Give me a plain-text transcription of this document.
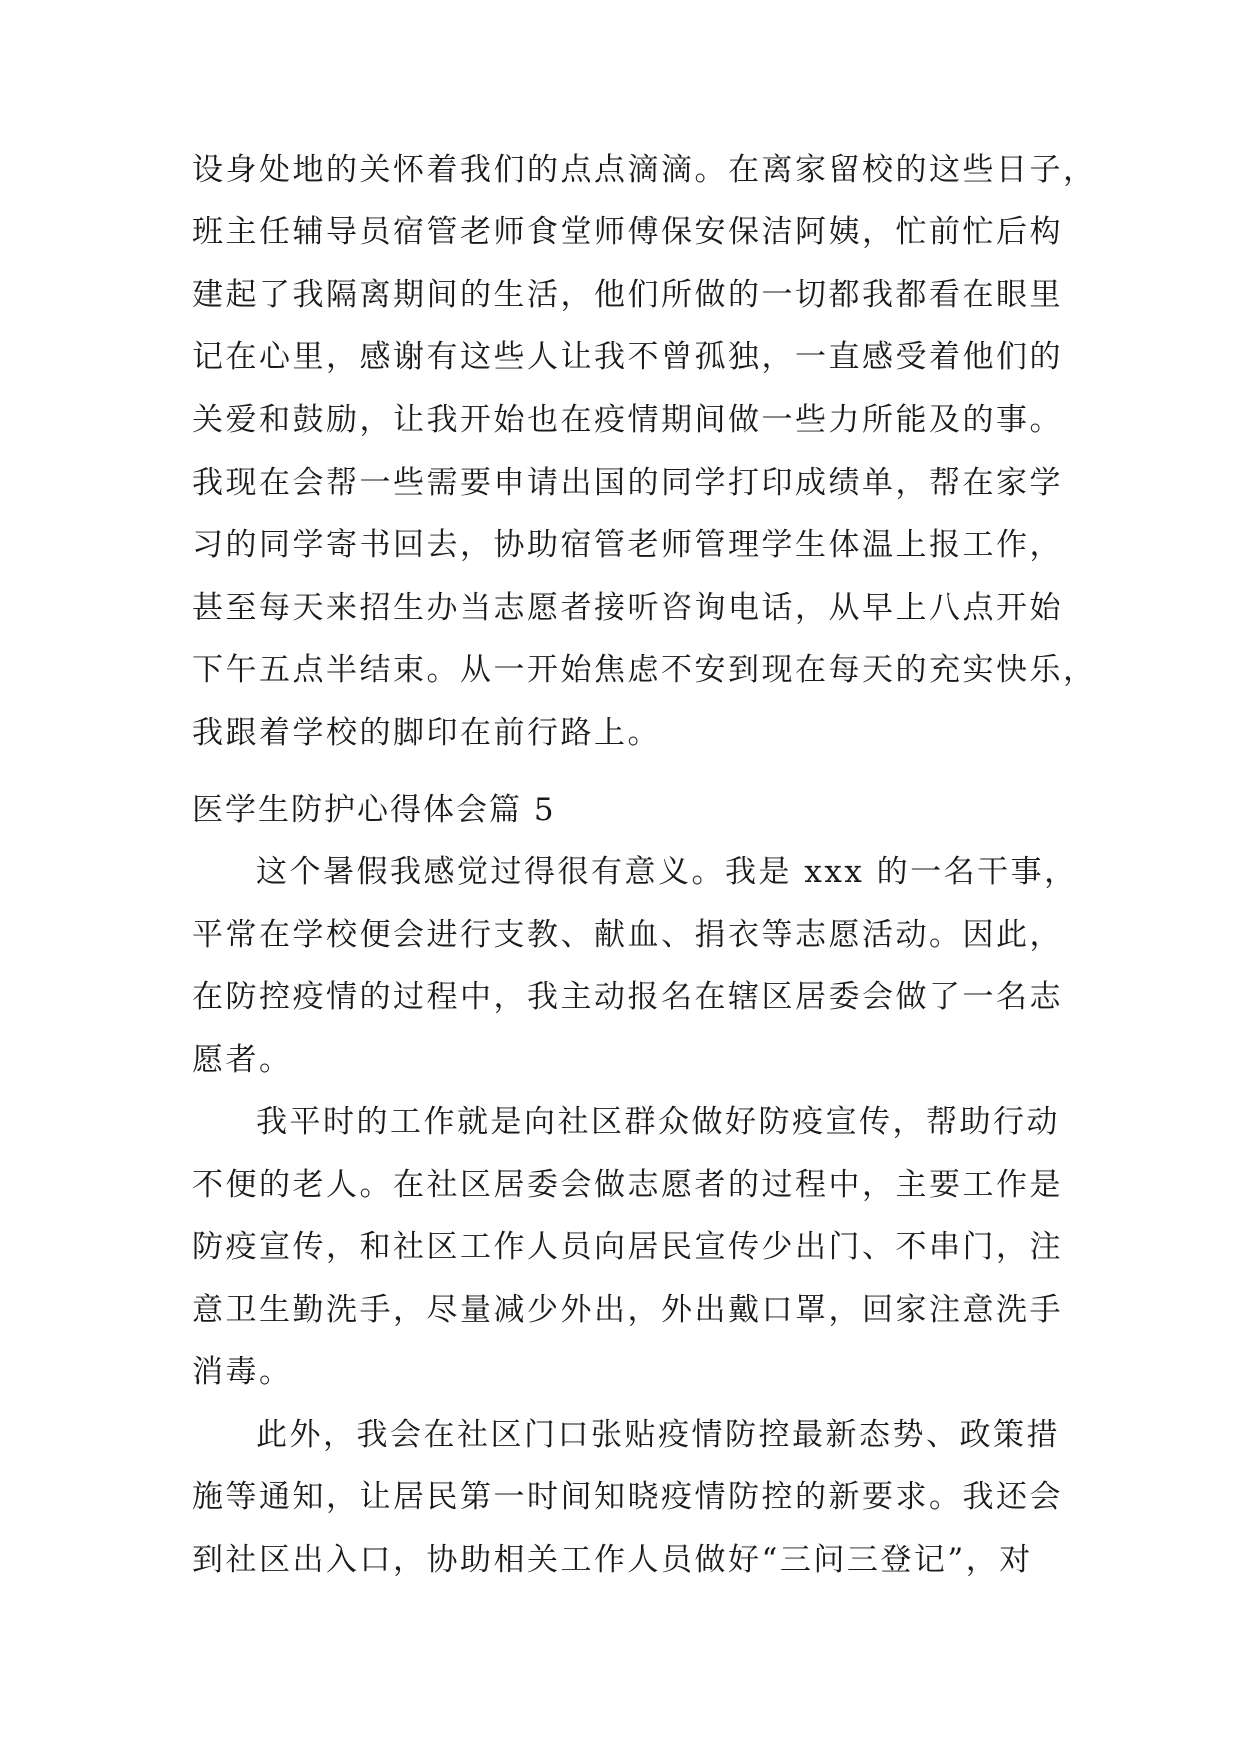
设身处地的关怀着我们的点点滴滴。在离家留校的这些日子，
班主任辅导员宿管老师食堂师傅保安保洁阿姨，忙前忙后构
建起了我隔离期间的生活，他们所做的一切都我都看在眼里
记在心里，感谢有这些人让我不曾孤独，一直感受着他们的
关爱和鼓励，让我开始也在疫情期间做一些力所能及的事。
我现在会帮一些需要申请出国的同学打印成绩单，帮在家学
习的同学寄书回去，协助宿管老师管理学生体温上报工作，
甚至每天来招生办当志愿者接听咨询电话，从早上八点开始
下午五点半结束。从一开始焦虑不安到现在每天的充实快乐，
我跟着学校的脚印在前行路上。
医学生防护心得体会篇 5
这个暑假我感觉过得很有意义。我是 xxx 的一名干事，
平常在学校便会进行支教、献血、捐衣等志愿活动。因此，
在防控疫情的过程中，我主动报名在辖区居委会做了一名志
愿者。
我平时的工作就是向社区群众做好防疫宣传，帮助行动
不便的老人。在社区居委会做志愿者的过程中，主要工作是
防疫宣传，和社区工作人员向居民宣传少出门、不串门，注
意卫生勤洗手，尽量减少外出，外出戴口罩，回家注意洗手
消毒。
此外，我会在社区门口张贴疫情防控最新态势、政策措
施等通知，让居民第一时间知晓疫情防控的新要求。我还会
到社区出入口，协助相关工作人员做好“三问三登记”，对
